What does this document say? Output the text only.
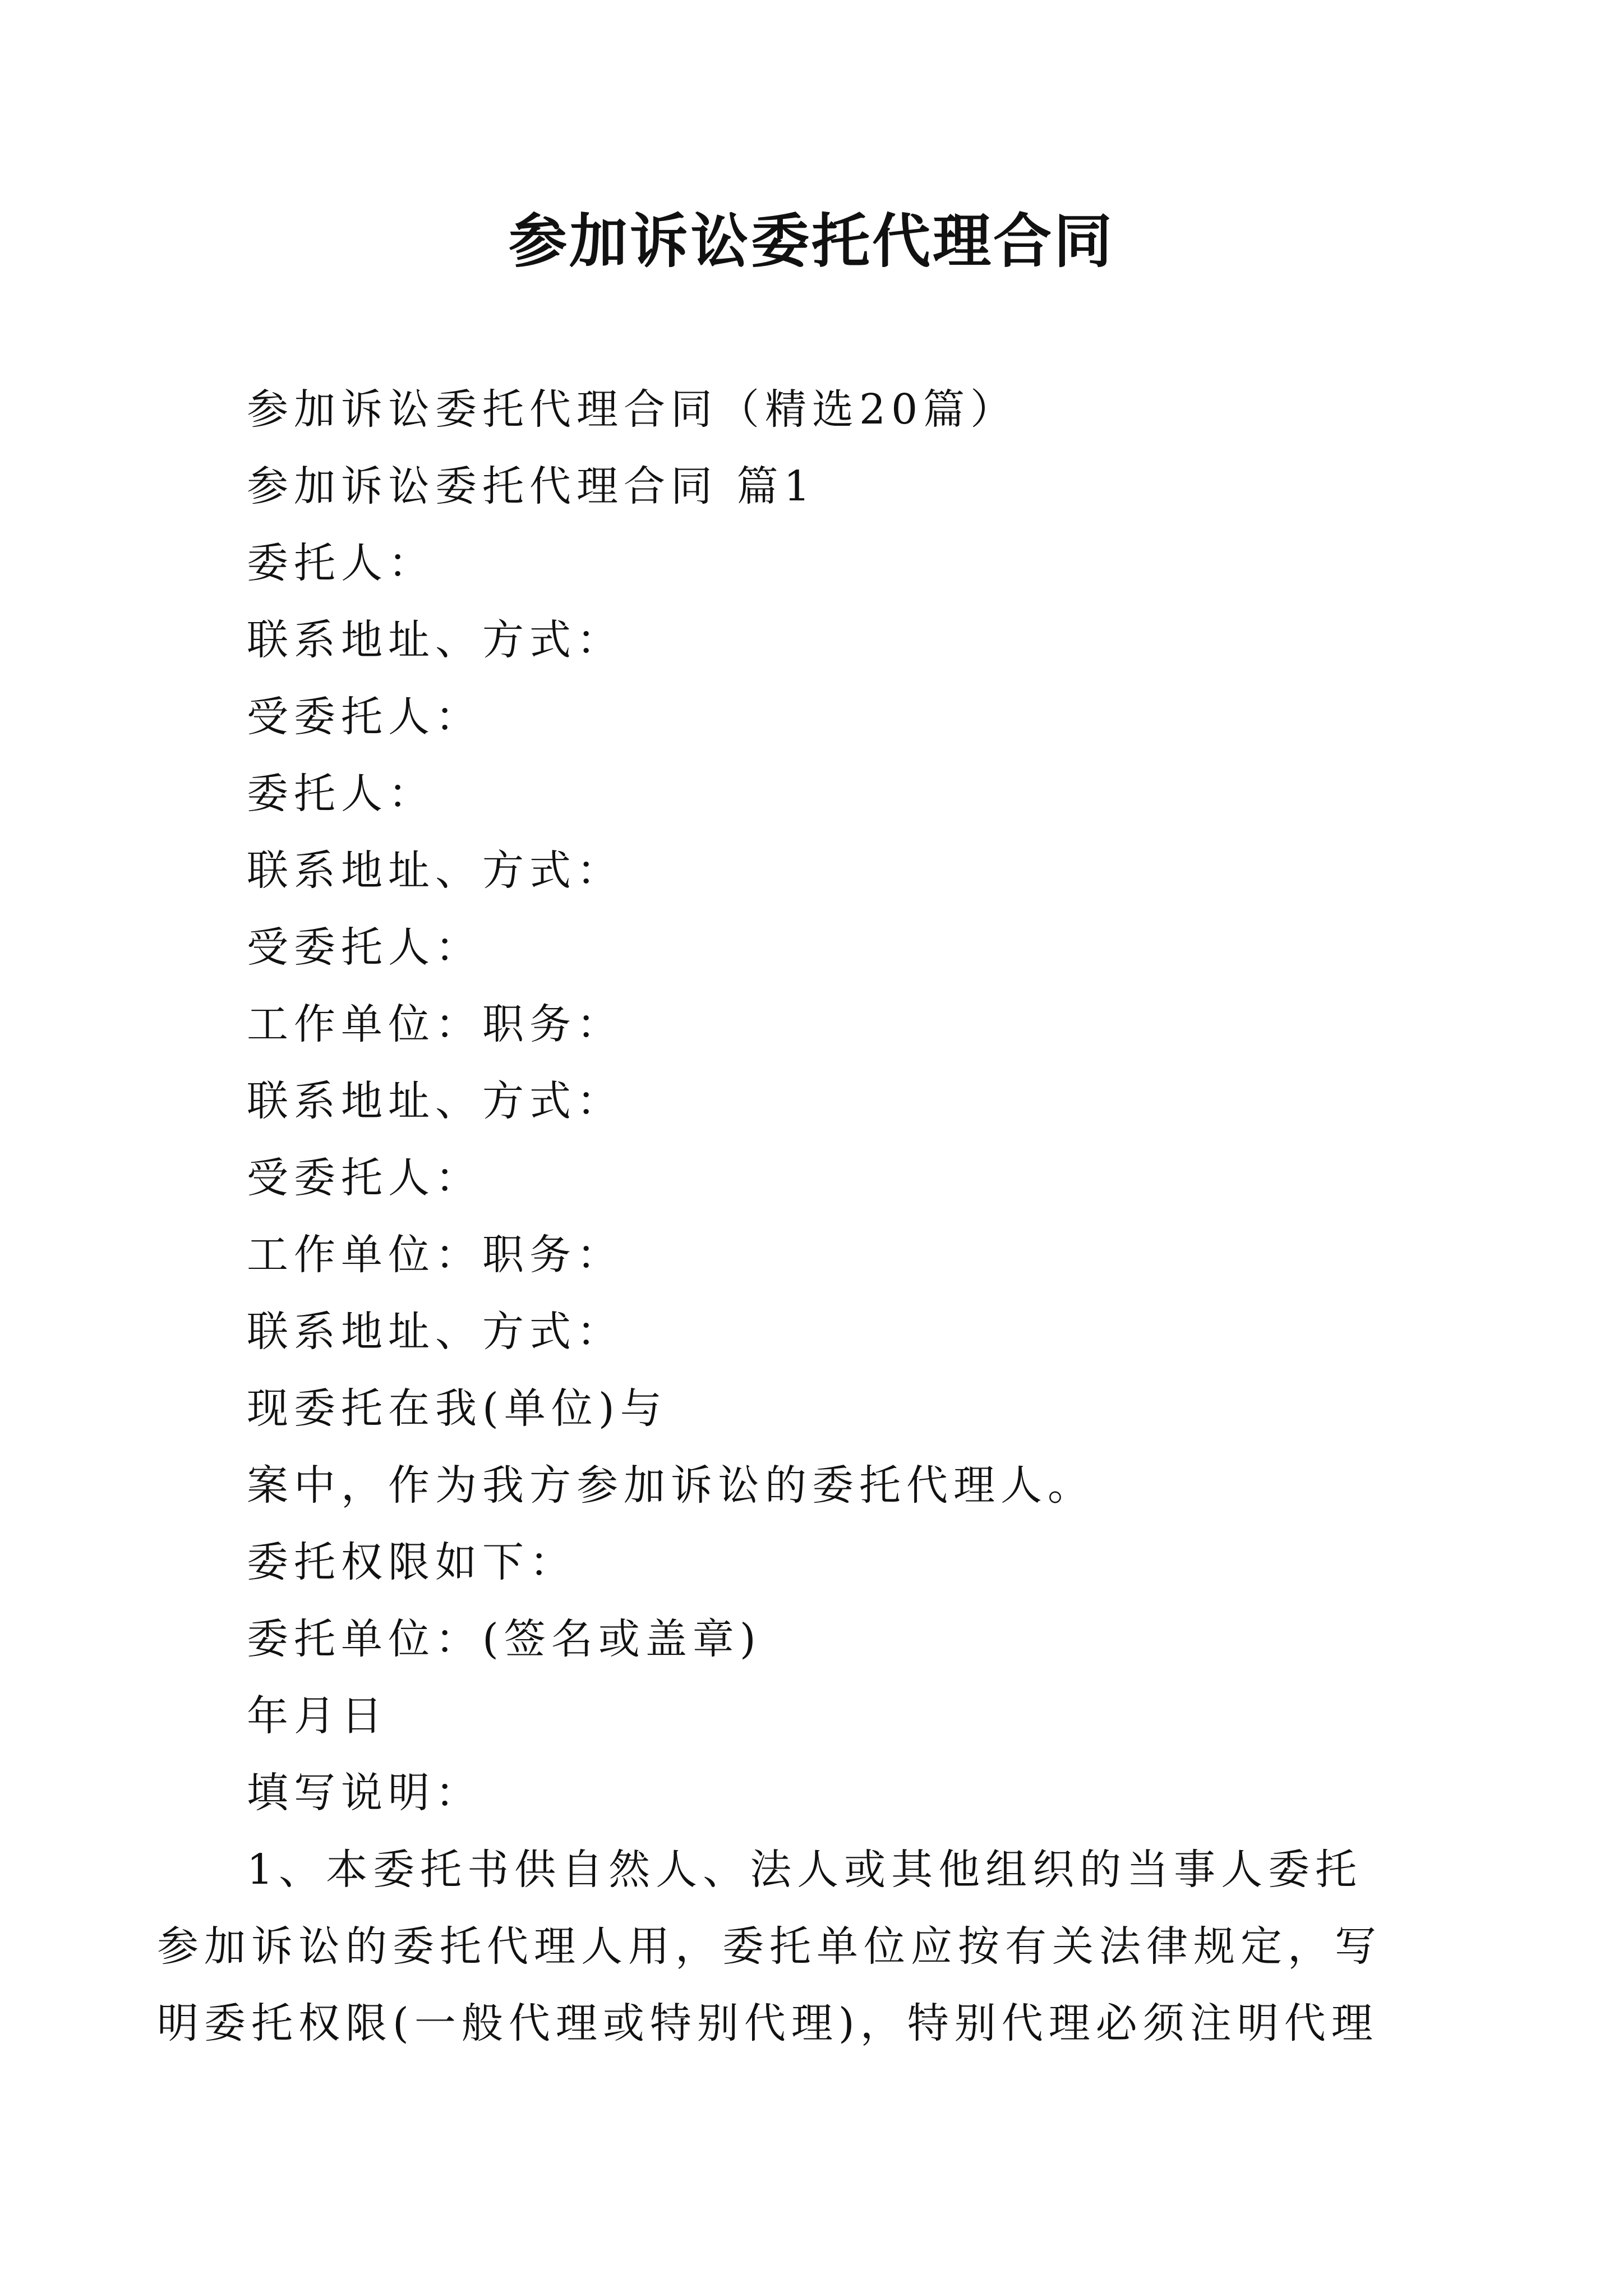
参加诉讼委托代理合同
参加诉讼委托代理合同（精选20篇）
参加诉讼委托代理合同 篇1
委托人：
联系地址、方式：
受委托人：
委托人：
联系地址、方式：
受委托人：
工作单位：职务：
联系地址、方式：
受委托人：
工作单位：职务：
联系地址、方式：
现委托在我(单位)与
案中，作为我方参加诉讼的委托代理人。
委托权限如下：
委托单位：(签名或盖章)
年月日
填写说明：
1、本委托书供自然人、法人或其他组织的当事人委托
参加诉讼的委托代理人用，委托单位应按有关法律规定，写
明委托权限(一般代理或特别代理)，特别代理必须注明代理
